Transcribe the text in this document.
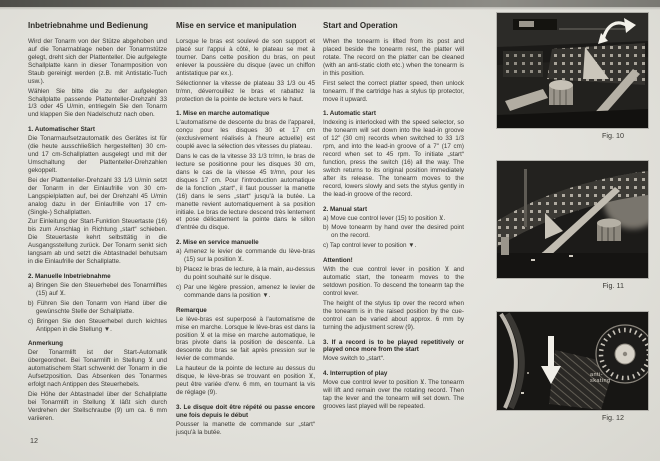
Inbetriebnahme und Bedienung

Wird der Tonarm von der Stütze abgehoben und auf die Tonarmablage neben der Tonarmstütze gelegt, dreht sich der Plattenteller. Die aufgelegte Schallplatte kann in dieser Tonarmposition von Staub gereinigt werden (z.B. mit Antistatic-Tuch usw.).

Wählen Sie bitte die zu der aufgelegten Schallplatte passende Plattenteller-Drehzahl 33 1/3 oder 45 U/min, entriegeln Sie den Tonarm und klappen Sie den Nadelschutz nach oben.

1. Automatischer Start

Die Tonarmaufsetzautomatik des Gerätes ist für (die heute ausschließlich hergestellten) 30 cm- und 17 cm-Schallplatten ausgelegt und mit der Umschaltung der Plattenteller-Drehzahlen gekoppelt.

Bei der Plattenteller-Drehzahl 33 1/3 U/min setzt der Tonarm in der Einlaufrille von 30 cm-Langspielplatten auf, bei der Drehzahl 45 U/min analog dazu in der Einlaufrille von 17 cm-(Single-) Schallplatten.

Zur Einleitung der Start-Funktion Steuertaste (16) bis zum Anschlag in Richtung „start“ schieben. Die Steuertaste kehrt selbsttätig in die Ausgangsstellung zurück. Der Tonarm senkt sich langsam ab und setzt die Abtastnadel behutsam in die Einlaufrille der Schallplatte.

2. Manuelle Inbetriebnahme

a) Bringen Sie den Steuerhebel des Tonarmliftes (15) auf ⊻.

b) Führen Sie den Tonarm von Hand über die gewünschte Stelle der Schallplatte.

c) Bringen Sie den Steuerhebel durch leichtes Antippen in die Stellung ▼.

Anmerkung

Der Tonarmlift ist der Start-Automatik übergeordnet. Bei Tonarmlift in Stellung ⊻ und automatischem Start schwenkt der Tonarm in die Aufsetzposition. Das Absenken des Tonarmes erfolgt nach Antippen des Steuerhebels.

Die Höhe der Abtastnadel über der Schallplatte bei Tonarmlift in Stellung ⊻ läßt sich durch Verdrehen der Stellschraube (9) um ca. 6 mm variieren.

Mise en service et manipulation

Lorsque le bras est soulevé de son support et placé sur l'appui à côté, le plateau se met à tourner. Dans cette position du bras, on peut enlever la poussière du disque (avec un chiffon antistatique par ex.).

Sélectionner la vitesse de plateau 33 1/3 ou 45 tr/mn, déverrouillez le bras et rabattez la protection de la pointe de lecture vers le haut.

1. Mise en marche automatique

L'automatisme de descente du bras de l'appareil, conçu pour les disques 30 et 17 cm (exclusivement réalisés à l'heure actuelle) est couplé avec la sélection des vitesses du plateau.

Dans le cas de la vitesse 33 1/3 tr/mn, le bras de lecture se positionne pour les disques 30 cm, dans le cas de la vitesse 45 tr/mn, pour les disques 17 cm. Pour l'introduction automatique de la fonction „start“, il faut pousser la manette (16) dans le sens „start“ jusqu'à la butée. La manette revient automatiquement à sa position initiale. Le bras de lecture descend très lentement et pose délicatement la pointe dans le sillon d'entrée du disque.

2. Mise en service manuelle

a) Amenez le levier de commande du lève-bras (15) sur la position ⊻.

b) Placez le bras de lecture, à la main, au-dessus du point souhaité sur le disque.

c) Par une légère pression, amenez le levier de commande dans la position ▼.

Remarque

Le lève-bras est superposé à l'automatisme de mise en marche. Lorsque le lève-bras est dans la position ⊻ et la mise en marche automatique, le bras pivote dans la position de descente. La descente du bras se fait après pression sur le levier de commande.

La hauteur de la pointe de lecture au dessus du disque, le lève-bras se trouvant en position ⊻, peut être variée d'env. 6 mm, en tournant la vis de réglage (9).

3. Le disque doit être répété ou passe encore une fois depuis le début

Pousser la manette de commande sur „start“ jusqu'à la butée.

Start and Operation

When the tonearm is lifted from its post and placed beside the tonearm rest, the platter will rotate. The record on the platter can be cleaned (with an anti-static cloth etc.) when the tonearm is in this position.

First select the correct platter speed, then unlock tonearm. If the cartridge has a stylus tip protector, move it upward.

1. Automatic start

Indexing is interlocked with the speed selector, so the tonearm will set down into the lead-in groove of 12" (30 cm) records when switched to 33 1/3 rpm, and into the lead-in groove of a 7" (17 cm) record when set to 45 rpm. To initiate „start“ function, press the switch (16) all the way. The switch returns to its original position immediately after its release. The tonearm moves to the record, lowers slowly and sets the stylus gently in the lead-in groove of the record.

2. Manual start

a) Move cue control lever (15) to position ⊻.

b) Move tonearm by hand over the desired point on the record.

c) Tap control lever to position ▼.

Attention!

With the cue control lever in position ⊻ and automatic start, the tonearm moves to the setdown position. To descend the tonearm tap the control lever.

The height of the stylus tip over the record when the tonearm is in the raised position by the cue-control can be varied about approx. 6 mm by turning the adjustment screw (9).

3. If a record is to be played repetitively or played once more from the start

Move switch to „start“.

4. Interruption of play

Move cue control lever to position ⊻. The tonearm will lift and remain over the rotating record. Then tap the lever and the tonearm will set down. The grooves last played will be repeated.

Fig. 10
Fig. 11
anti-
skating
Fig. 12
12
